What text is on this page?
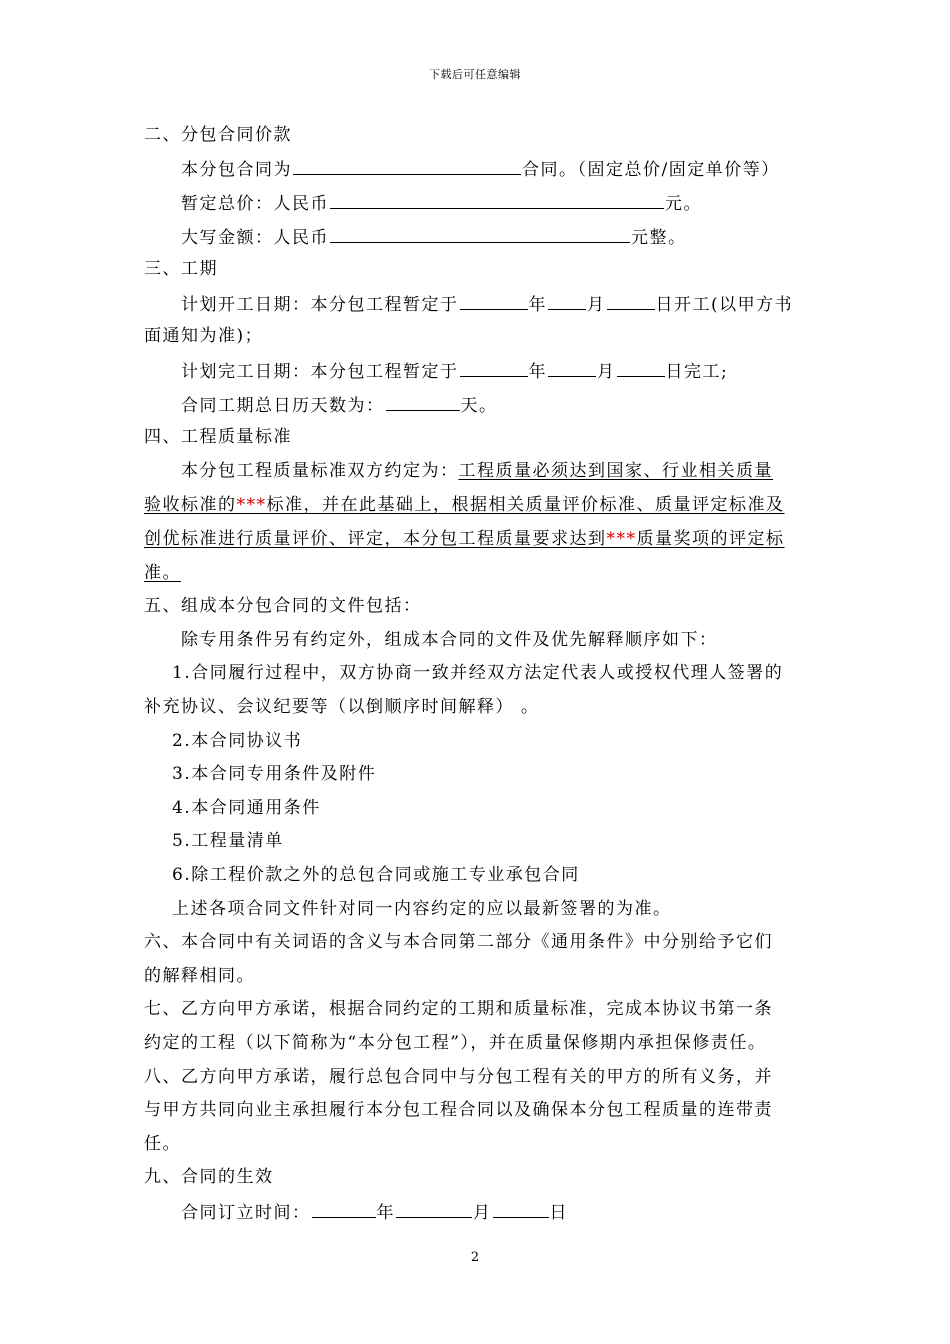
下载后可任意编辑
二、分包合同价款
本分包合同为	合同。（固定总价/固定单价等）
暂定总价：人民币	元。
大写金额：人民币	元整。
三、工期
计划开工日期：本分包工程暂定于	年 月	日开工(以甲方书
面通知为准)；
计划完工日期：本分包工程暂定于	年	月	日完工;
合同工期总日历天数为：	天。
四、工程质量标准
本分包工程质量标准双方约定为：工程质量必须达到国家、行业相关质量
验收标准的***标准，并在此基础上，根据相关质量评价标准、质量评定标准及
创优标准进行质量评价、评定，本分包工程质量要求达到***质量奖项的评定标
准。
五、组成本分包合同的文件包括：
除专用条件另有约定外，组成本合同的文件及优先解释顺序如下：
1.合同履行过程中，双方协商一致并经双方法定代表人或授权代理人签署的
补充协议、会议纪要等（以倒顺序时间解释） 。
2.本合同协议书
3.本合同专用条件及附件
4.本合同通用条件
5.工程量清单
6.除工程价款之外的总包合同或施工专业承包合同
上述各项合同文件针对同一内容约定的应以最新签署的为准。
六、本合同中有关词语的含义与本合同第二部分《通用条件》中分别给予它们
的解释相同。
七、乙方向甲方承诺，根据合同约定的工期和质量标准，完成本协议书第一条
约定的工程（以下简称为“本分包工程”），并在质量保修期内承担保修责任。
八、乙方向甲方承诺，履行总包合同中与分包工程有关的甲方的所有义务，并
与甲方共同向业主承担履行本分包工程合同以及确保本分包工程质量的连带责
任。
九、合同的生效
合同订立时间：	年	月	日
2
